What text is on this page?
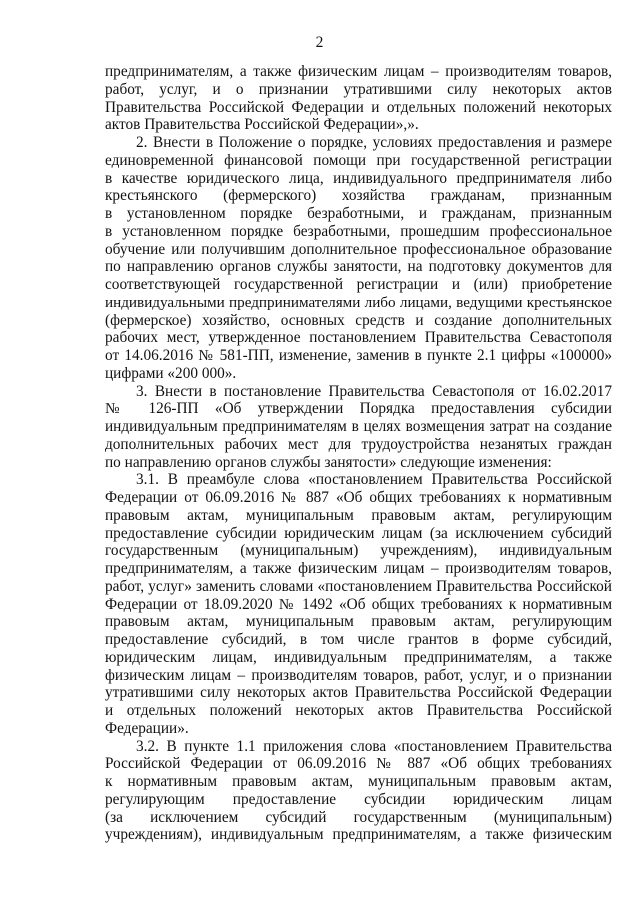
2
предпринимателям, а также физическим лицам – производителям товаров,
работ, услуг, и о признании утратившими силу некоторых актов
Правительства Российской Федерации и отдельных положений некоторых
актов Правительства Российской Федерации»,».
2. Внести в Положение о порядке, условиях предоставления и размере
единовременной финансовой помощи при государственной регистрации
в качестве юридического лица, индивидуального предпринимателя либо
крестьянского (фермерского) хозяйства гражданам, признанным
в установленном порядке безработными, и гражданам, признанным
в установленном порядке безработными, прошедшим профессиональное
обучение или получившим дополнительное профессиональное образование
по направлению органов службы занятости, на подготовку документов для
соответствующей государственной регистрации и (или) приобретение
индивидуальными предпринимателями либо лицами, ведущими крестьянское
(фермерское) хозяйство, основных средств и создание дополнительных
рабочих мест, утвержденное постановлением Правительства Севастополя
от 14.06.2016 № 581-ПП, изменение, заменив в пункте 2.1 цифры «100000»
цифрами «200 000».
3. Внести в постановление Правительства Севастополя от 16.02.2017
№ 126-ПП «Об утверждении Порядка предоставления субсидии
индивидуальным предпринимателям в целях возмещения затрат на создание
дополнительных рабочих мест для трудоустройства незанятых граждан
по направлению органов службы занятости» следующие изменения:
3.1. В преамбуле слова «постановлением Правительства Российской
Федерации от 06.09.2016 № 887 «Об общих требованиях к нормативным
правовым актам, муниципальным правовым актам, регулирующим
предоставление субсидии юридическим лицам (за исключением субсидий
государственным (муниципальным) учреждениям), индивидуальным
предпринимателям, а также физическим лицам – производителям товаров,
работ, услуг» заменить словами «постановлением Правительства Российской
Федерации от 18.09.2020 № 1492 «Об общих требованиях к нормативным
правовым актам, муниципальным правовым актам, регулирующим
предоставление субсидий, в том числе грантов в форме субсидий,
юридическим лицам, индивидуальным предпринимателям, а также
физическим лицам – производителям товаров, работ, услуг, и о признании
утратившими силу некоторых актов Правительства Российской Федерации
и отдельных положений некоторых актов Правительства Российской
Федерации».
3.2. В пункте 1.1 приложения слова «постановлением Правительства
Российской Федерации от 06.09.2016 № 887 «Об общих требованиях
к нормативным правовым актам, муниципальным правовым актам,
регулирующим предоставление субсидии юридическим лицам
(за исключением субсидий государственным (муниципальным)
учреждениям), индивидуальным предпринимателям, а также физическим
